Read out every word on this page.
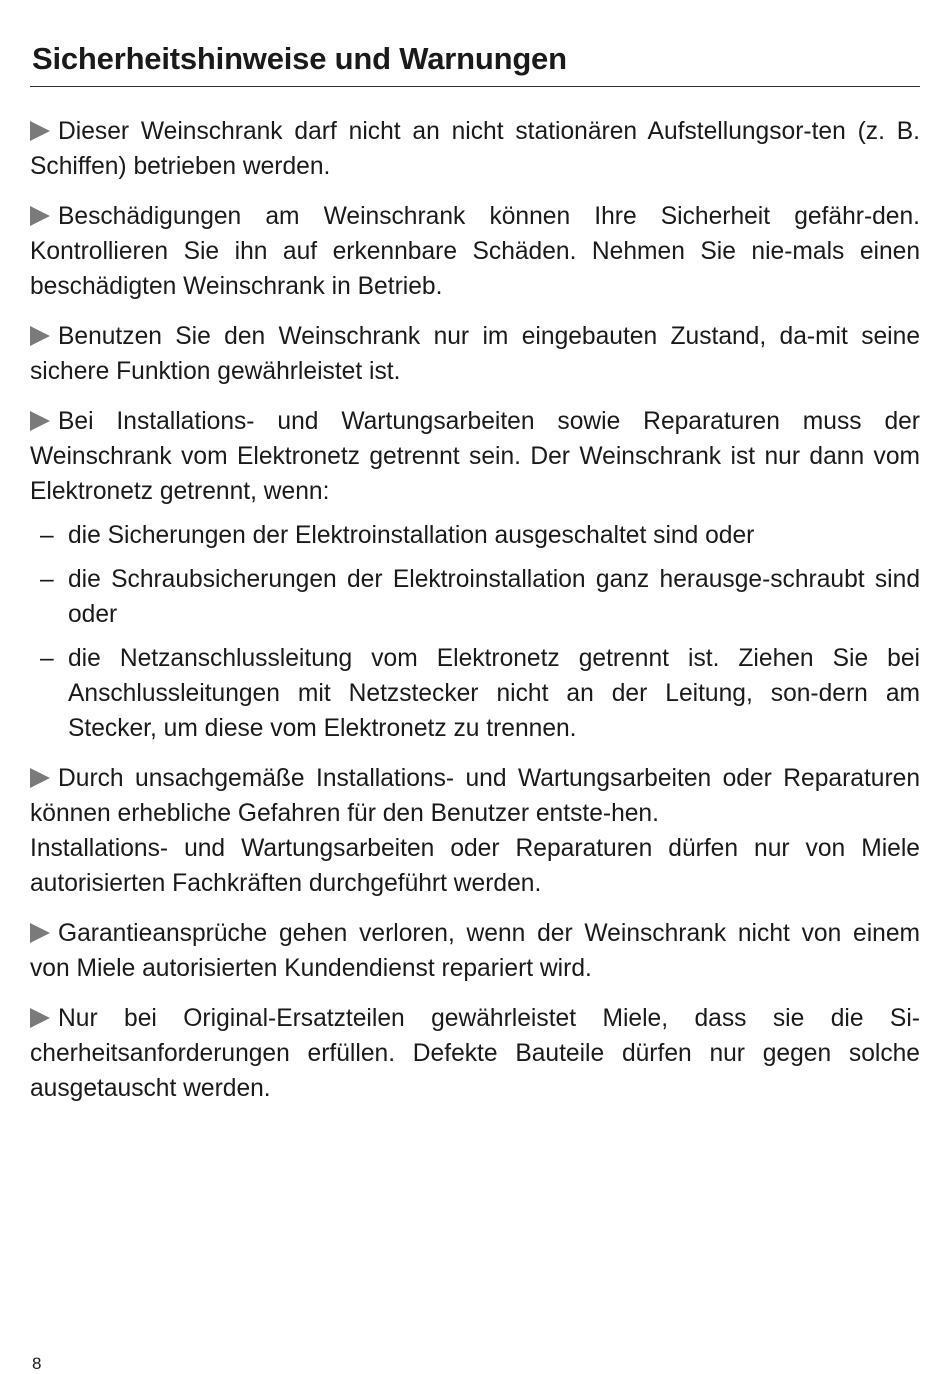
Sicherheitshinweise und Warnungen

Dieser Weinschrank darf nicht an nicht stationären Aufstellungsor-ten (z. B. Schiffen) betrieben werden.

Beschädigungen am Weinschrank können Ihre Sicherheit gefähr-den. Kontrollieren Sie ihn auf erkennbare Schäden. Nehmen Sie nie-mals einen beschädigten Weinschrank in Betrieb.

Benutzen Sie den Weinschrank nur im eingebauten Zustand, da-mit seine sichere Funktion gewährleistet ist.

Bei Installations- und Wartungsarbeiten sowie Reparaturen muss der Weinschrank vom Elektronetz getrennt sein. Der Weinschrank ist nur dann vom Elektronetz getrennt, wenn:

– die Sicherungen der Elektroinstallation ausgeschaltet sind oder
– die Schraubsicherungen der Elektroinstallation ganz herausge-schraubt sind oder
– die Netzanschlussleitung vom Elektronetz getrennt ist. Ziehen Sie bei Anschlussleitungen mit Netzstecker nicht an der Leitung, son-dern am Stecker, um diese vom Elektronetz zu trennen.

Durch unsachgemäße Installations- und Wartungsarbeiten oder Reparaturen können erhebliche Gefahren für den Benutzer entste-hen.

Installations- und Wartungsarbeiten oder Reparaturen dürfen nur von Miele autorisierten Fachkräften durchgeführt werden.

Garantieansprüche gehen verloren, wenn der Weinschrank nicht von einem von Miele autorisierten Kundendienst repariert wird.

Nur bei Original-Ersatzteilen gewährleistet Miele, dass sie die Si-cherheitsanforderungen erfüllen. Defekte Bauteile dürfen nur gegen solche ausgetauscht werden.

8
